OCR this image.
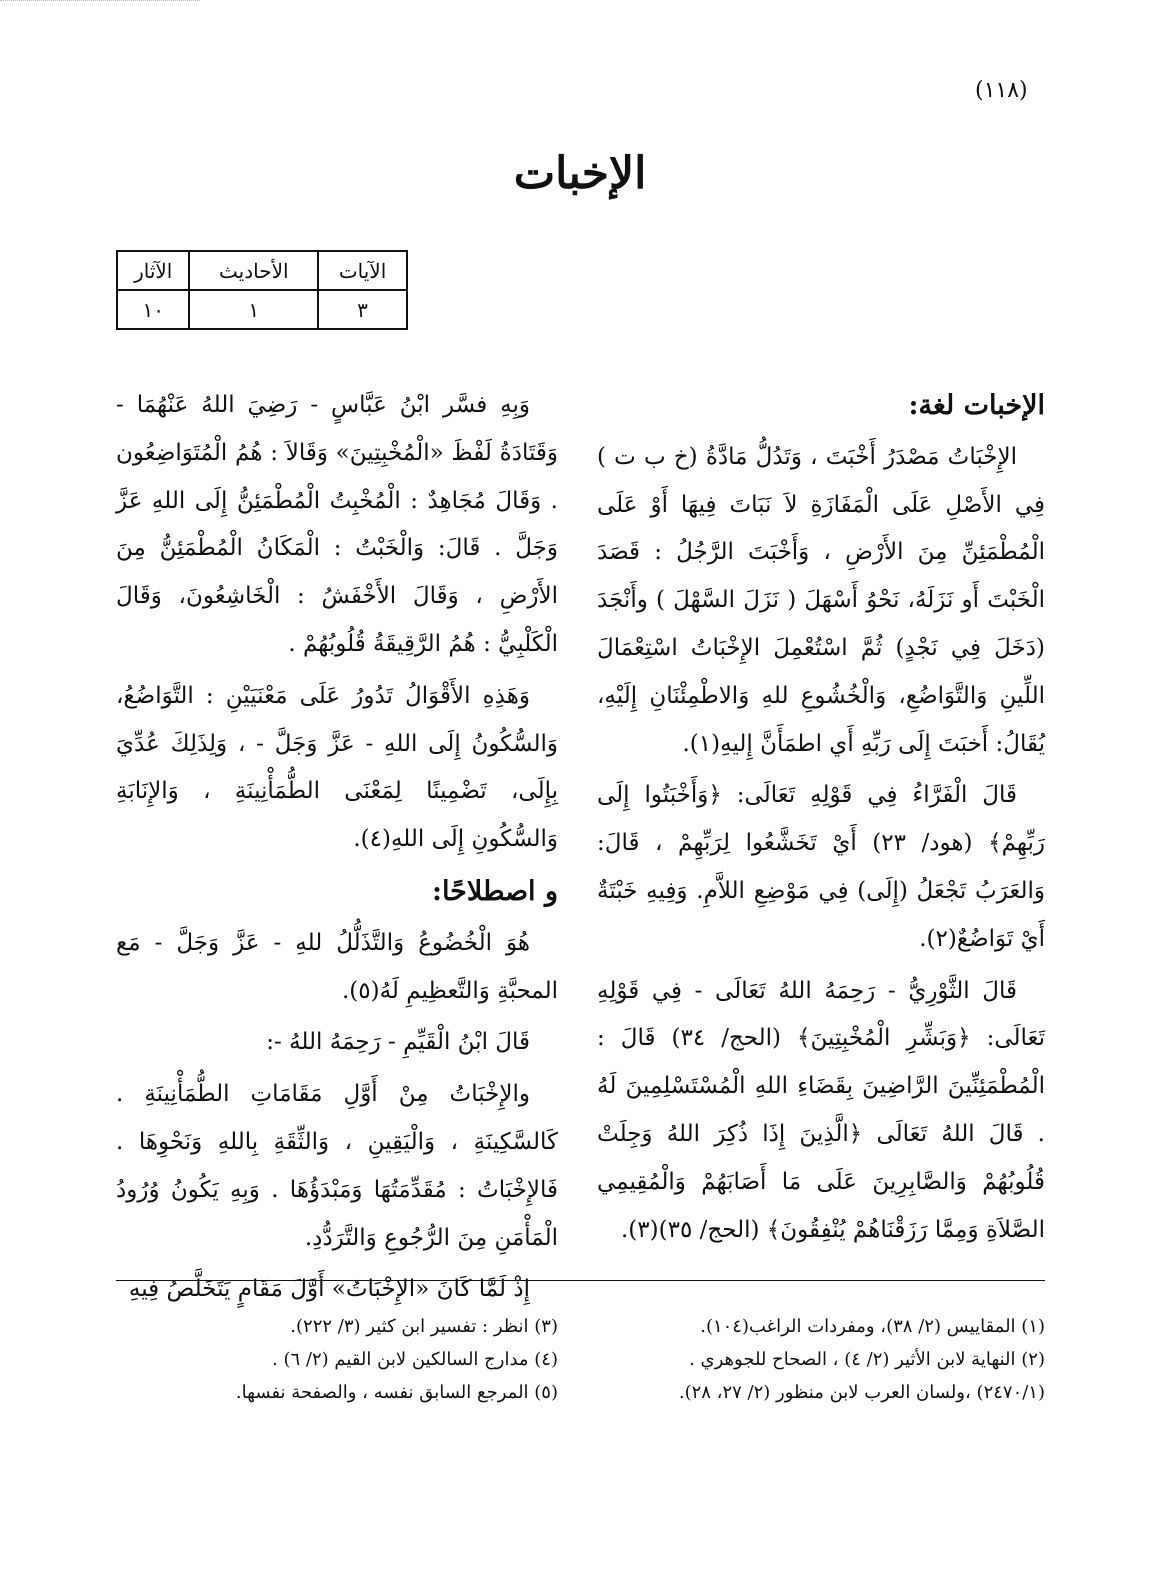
(١١٨)
الإخبات
الآيات	الأحاديث	الآثار
٣	١	١٠
الإخبات لغة:

الإِخْبَاتُ مَصْدَرُ أَخْبَتَ ، وَتَدُلُّ مَادَّةُ (خ ب ت ) فِي الأَصْلِ عَلَى الْمَفَازَةِ لاَ نَبَاتَ فِيهَا أَوْ عَلَى الْمُطْمَئِنِّ مِنَ الأَرْضِ ، وَأَخْبَتَ الرَّجُلُ : قَصَدَ الْخَبْتَ أَو نَزَلَهُ، نَحْوُ أَسْهَلَ ( نَزَلَ السَّهْلَ ) وأَنْجَدَ (دَخَلَ فِي نَجْدٍ) ثُمَّ اسْتُعْمِلَ الإِخْبَاتُ اسْتِعْمَالَ اللِّينِ وَالتَّوَاضُعِ، وَالْخُشُوعِ للهِ وَالاطْمِئْنَانِ إِلَيْهِ، يُقَالُ: أَخبَتَ إِلَى رَبِّهِ أَي اطمَأَنَّ إِليهِ(١).

قَالَ الْفَرَّاءُ فِي قَوْلِهِ تَعَالَى: ﴿وَأَخْبَتُوا إِلَى رَبِّهِمْ﴾ (هود/ ٢٣) أَيْ تَخَشَّعُوا لِرَبِّهِمْ ، قَالَ: وَالعَرَبُ تَجْعَلُ (إِلَى) فِي مَوْضِعِ اللاَّمِ. وَفِيهِ خَبْتَةٌ أَيْ تَوَاضُعٌ(٢).

قَالَ الثَّوْرِيُّ - رَحِمَهُ اللهُ تَعَالَى - فِي قَوْلِهِ تَعَالَى: ﴿وَبَشِّرِ الْمُخْبِتِينَ﴾ (الحج/ ٣٤) قَالَ : الْمُطْمَئِنِّينَ الرَّاضِينَ بِقَضَاءِ اللهِ الْمُسْتَسْلِمِينَ لَهُ . قَالَ اللهُ تَعَالَى ﴿الَّذِينَ إِذَا ذُكِرَ اللهُ وَجِلَتْ قُلُوبُهُمْ وَالصَّابِرِينَ عَلَى مَا أَصَابَهُمْ وَالْمُقِيمِي الصَّلاَةِ وَمِمَّا رَزَقْنَاهُمْ يُنْفِقُونَ﴾ (الحج/ ٣٥)(٣).

وَبِهِ فسَّر ابْنُ عَبَّاسٍ - رَضِيَ اللهُ عَنْهُمَا - وَقَتَادَةُ لَفْظَ «الْمُخْبِتِينَ» وَقَالاَ : هُمُ الْمُتَوَاضِعُون . وَقَالَ مُجَاهِدٌ : الْمُخْبِتُ الْمُطْمَئِنُّ إِلَى اللهِ عَزَّ وَجَلَّ . قَالَ: وَالْخَبْتُ : الْمَكَانُ الْمُطْمَئِنُّ مِنَ الأَرْضِ ، وَقَالَ الأَخْفَشُ : الْخَاشِعُونَ، وَقَالَ الْكَلْبِيُّ : هُمُ الرَّقِيقَةُ قُلُوبُهُمْ .

وَهَذِهِ الأَقْوَالُ تَدُورُ عَلَى مَعْنَيَيْنِ : التَّوَاضُعُ، وَالسُّكُونُ إِلَى اللهِ - عَزَّ وَجَلَّ - ، وَلِذَلِكَ عُدِّيَ بِإِلَى، تَضْمِينًا لِمَعْنَى الطُّمَأْنِينَةِ ، وَالإِنَابَةِ وَالسُّكُونِ إِلَى اللهِ(٤).

و اصطلاحًا:

هُوَ الْخُضُوعُ وَالتَّذَلُّلُ للهِ - عَزَّ وَجَلَّ - مَع المحبَّةِ وَالتَّعظِيمِ لَهُ(٥).

قَالَ ابْنُ الْقَيِّمِ - رَحِمَهُ اللهُ -:

والإِخْبَاتُ مِنْ أَوَّلِ مَقَامَاتِ الطُّمَأْنِينَةِ . كَالسَّكِينَةِ ، وَالْيَقِينِ ، وَالثِّقَةِ بِاللهِ وَنَحْوِهَا . فَالإِخْبَاتُ : مُقَدِّمَتُهَا وَمَبْدَؤُهَا . وَبِهِ يَكُونُ وُرُودُ الْمَأْمَنِ مِنَ الرُّجُوعِ وَالتَّرَدُّدِ.

إِذْ لَمَّا كَانَ «الإِخْبَاتُ» أَوَّلَ مَقَامٍ يَتَخَلَّصُ فِيهِ

(١) المقاييس (٢/ ٣٨)، ومفردات الراغب(١٠٤).
(٢) النهاية لابن الأثير (٢/ ٤) ، الصحاح للجوهري .
(٢٤٧٠/١) ،ولسان العرب لابن منظور (٢/ ٢٧، ٢٨).
(٣) انظر : تفسير ابن كثير (٣/ ٢٢٢).
(٤) مدارج السالكين لابن القيم (٢/ ٦) .
(٥) المرجع السابق نفسه ، والصفحة نفسها.
